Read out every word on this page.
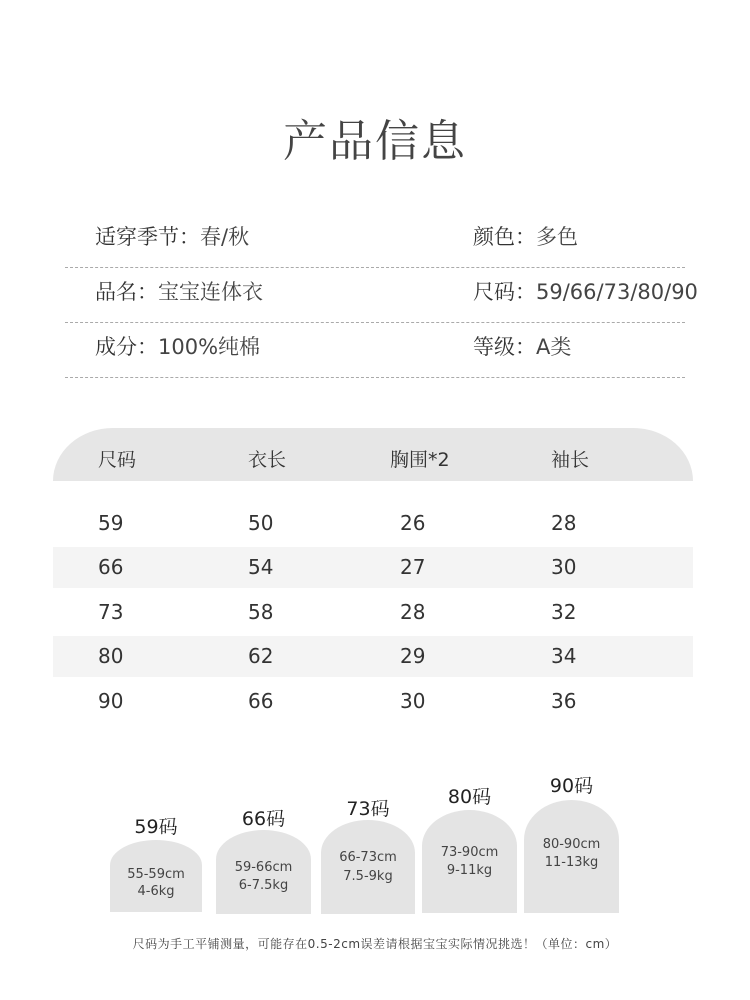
产品信息
适穿季节：春/秋	颜色：多色
品名：宝宝连体衣	尺码：59/66/73/80/90
成分：100%纯棉	等级：A类
尺码	衣长	胸围*2	袖长
59	50	26	28
66	54	27	30
73	58	28	32
80	62	29	34
90	66	30	36
59码
55-59cm
4-6kg
66码
59-66cm
6-7.5kg
73码
66-73cm
7.5-9kg
80码
73-90cm
9-11kg
90码
80-90cm
11-13kg
尺码为手工平铺测量，可能存在0.5-2cm误差请根据宝宝实际情况挑选！（单位：cm）
